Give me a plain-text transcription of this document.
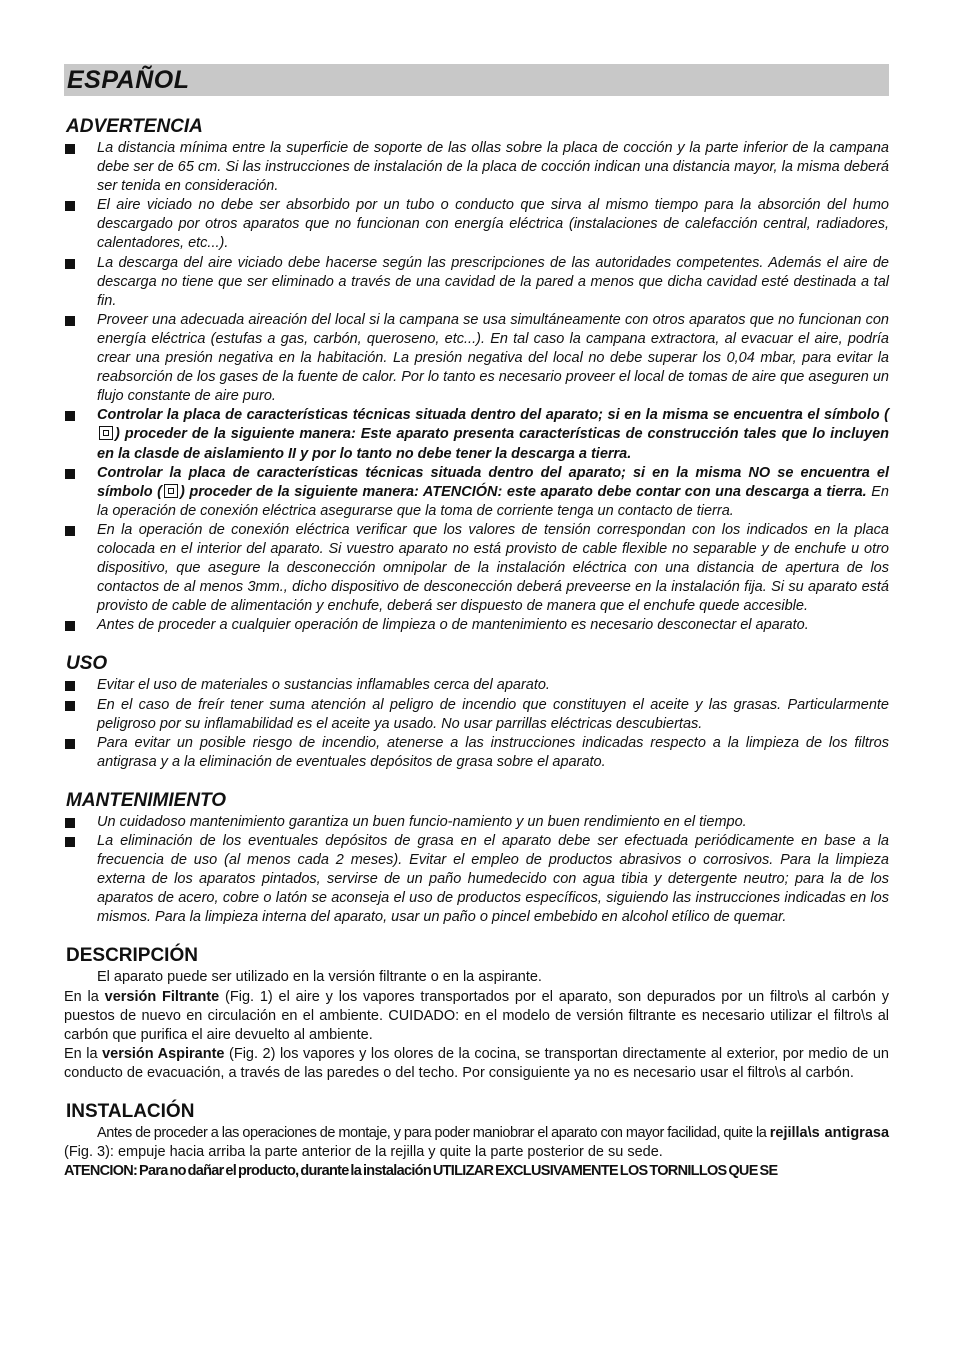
ESPAÑOL
ADVERTENCIA
La distancia mínima entre la superficie de soporte de las ollas sobre la placa de cocción y la parte inferior de la campana debe ser de 65 cm. Si las instrucciones de instalación de la placa de cocción indican una distancia mayor, la misma deberá ser tenida en consideración.
El aire viciado no debe ser absorbido por un tubo o conducto que sirva al mismo tiempo para la absorción del humo descargado por otros aparatos que no funcionan con energía eléctrica (instalaciones de calefacción central, radiadores, calentadores, etc...).
La descarga del aire viciado debe hacerse según las prescripciones de las autoridades competentes. Además el aire de descarga no tiene que ser eliminado a través de una cavidad de la pared a menos que dicha cavidad esté destinada a tal fin.
Proveer una adecuada aireación del local si la campana se usa simultáneamente con otros aparatos que no funcionan con energía eléctrica (estufas a gas, carbón, queroseno, etc...). En tal caso la campana extractora, al evacuar el aire, podría crear una presión negativa en la habitación. La presión negativa del local no debe superar los 0,04 mbar, para evitar la reabsorción de los gases de la fuente de calor. Por lo tanto es necesario proveer el local de tomas de aire que aseguren un flujo constante de aire puro.
Controlar la placa de características técnicas situada dentro del aparato; si en la misma se encuentra el símbolo () proceder de la siguiente manera: Este aparato presenta características de construcción tales que lo incluyen en la clasde de aislamiento II y por lo tanto no debe tener la descarga a tierra.
Controlar la placa de características técnicas situada dentro del aparato; si en la misma NO se encuentra el símbolo ( ) proceder de la siguiente manera: ATENCIÓN: este aparato debe contar con una descarga a tierra. En la operación de conexión eléctrica asegurarse que la toma de corriente tenga un contacto de tierra.
En la operación de conexión eléctrica verificar que los valores de tensión correspondan con los indicados en la placa colocada en el interior del aparato. Si vuestro aparato no está provisto de cable flexible no separable y de enchufe u otro dispositivo, que asegure la desconección omnipolar de la instalación eléctrica con una distancia de apertura de los contactos de al menos 3mm., dicho dispositivo de desconección deberá preveerse en la instalación fija. Si su aparato está provisto de cable de alimentación y enchufe, deberá ser dispuesto de manera que el enchufe quede accesible.
Antes de proceder a cualquier operación de limpieza o de mantenimiento es necesario desconectar el aparato.
USO
Evitar el uso de materiales o sustancias inflamables cerca del aparato.
En el caso de freír tener suma atención al peligro de incendio que constituyen el aceite y las grasas. Particularmente peligroso por su inflamabilidad es el aceite ya usado. No usar parrillas eléctricas descubiertas.
Para evitar un posible riesgo de incendio, atenerse a las instrucciones indicadas respecto a la limpieza de los filtros antigrasa y a la eliminación de eventuales depósitos de grasa sobre el aparato.
MANTENIMIENTO
Un cuidadoso mantenimiento garantiza un buen funcio-namiento y un buen rendimiento en el tiempo.
La eliminación de los eventuales depósitos de grasa en el aparato debe ser efectuada periódicamente en base a la frecuencia de uso (al menos cada 2 meses). Evitar el empleo de productos abrasivos o corrosivos. Para la limpieza externa de los aparatos pintados, servirse de un paño humedecido con agua tibia y detergente neutro; para la de los aparatos de acero, cobre o latón se aconseja el uso de productos específicos, siguiendo las instrucciones indicadas en los mismos. Para la limpieza interna del aparato, usar un paño o pincel embebido en alcohol etílico de quemar.
DESCRIPCIÓN

El aparato puede ser utilizado en la versión filtrante o en la aspirante.

En la versión Filtrante (Fig. 1) el aire y los vapores transportados por el aparato, son depurados por un filtro\s al carbón y puestos de nuevo en circulación en el ambiente. CUIDADO: en el modelo de versión filtrante es necesario utilizar el filtro\s al carbón que purifica el aire devuelto al ambiente.

En la versión Aspirante (Fig. 2) los vapores y los olores de la cocina, se transportan directamente al exterior, por medio de un conducto de evacuación, a través de las paredes o del techo. Por consiguiente ya no es necesario usar el filtro\s al carbón.

INSTALACIÓN

Antes de proceder a las operaciones de montaje, y para poder maniobrar el aparato con mayor facilidad, quite la rejilla\s antigrasa (Fig. 3): empuje hacia arriba la parte anterior de la rejilla y quite la parte posterior de su sede.

ATENCION: Para no dañar el producto, durante la instalación UTILIZAR EXCLUSIVAMENTE LOS TORNILLOS QUE SE
